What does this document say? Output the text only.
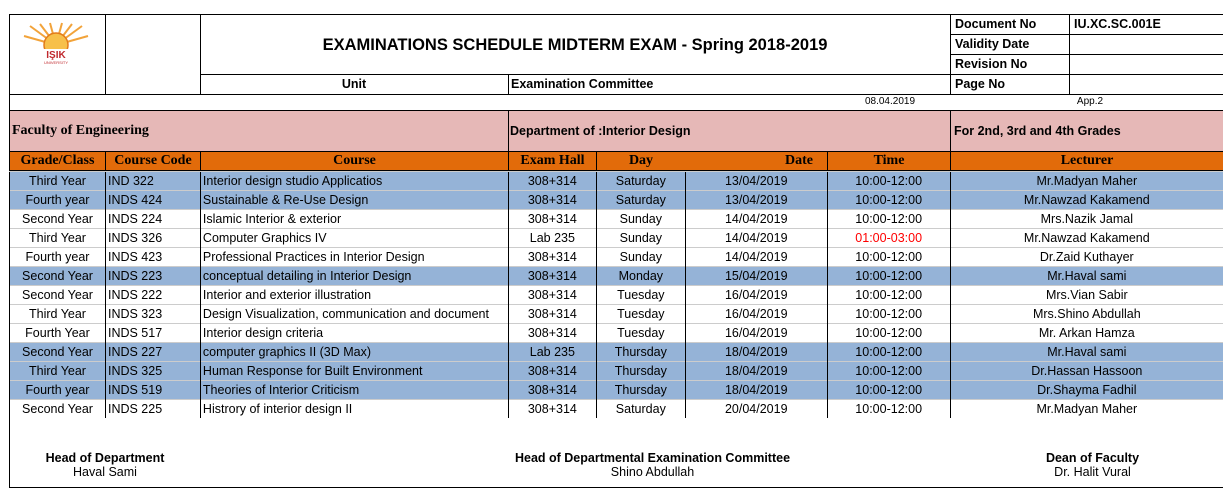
IŞIK
UNIVERSITY
EXAMINATIONS SCHEDULE MIDTERM EXAM - Spring 2018-2019
Unit	Examination Committee
Document No	IU.XC.SC.001E
Validity Date
Revision No
Page No
08.04.2019	App.2
Faculty of Engineering	Department of :Interior Design	For 2nd, 3rd and 4th Grades
Grade/Class	Course Code	Course	Exam Hall	Day	Date	Time	Lecturer
Third Year	IND 322	Interior design studio Applicatios	308+314	Saturday	13/04/2019	10:00-12:00	Mr.Madyan Maher
Fourth year	INDS 424	Sustainable & Re-Use Design	308+314	Saturday	13/04/2019	10:00-12:00	Mr.Nawzad Kakamend
Second Year	INDS 224	Islamic Interior & exterior	308+314	Sunday	14/04/2019	10:00-12:00	Mrs.Nazik Jamal
Third Year	INDS 326	Computer Graphics IV	Lab 235	Sunday	14/04/2019	01:00-03:00	Mr.Nawzad Kakamend
Fourth year	INDS 423	Professional Practices in Interior Design	308+314	Sunday	14/04/2019	10:00-12:00	Dr.Zaid Kuthayer
Second Year	INDS 223	conceptual detailing in Interior Design	308+314	Monday	15/04/2019	10:00-12:00	Mr.Haval sami
Second Year	INDS 222	Interior and exterior illustration	308+314	Tuesday	16/04/2019	10:00-12:00	Mrs.Vian Sabir
Third Year	INDS 323	Design Visualization, communication and document	308+314	Tuesday	16/04/2019	10:00-12:00	Mrs.Shino Abdullah
Fourth Year	INDS 517	Interior design criteria	308+314	Tuesday	16/04/2019	10:00-12:00	Mr. Arkan Hamza
Second Year	INDS 227	computer graphics II (3D Max)	Lab 235	Thursday	18/04/2019	10:00-12:00	Mr.Haval sami
Third Year	INDS 325	Human Response for Built Environment	308+314	Thursday	18/04/2019	10:00-12:00	Dr.Hassan Hassoon
Fourth year	INDS 519	Theories of Interior Criticism	308+314	Thursday	18/04/2019	10:00-12:00	Dr.Shayma Fadhil
Second Year	INDS 225	Histrory of interior design II	308+314	Saturday	20/04/2019	10:00-12:00	Mr.Madyan Maher
Head of Department
Haval Sami
Head of Departmental Examination Committee
Shino Abdullah
Dean of Faculty
Dr. Halit Vural
